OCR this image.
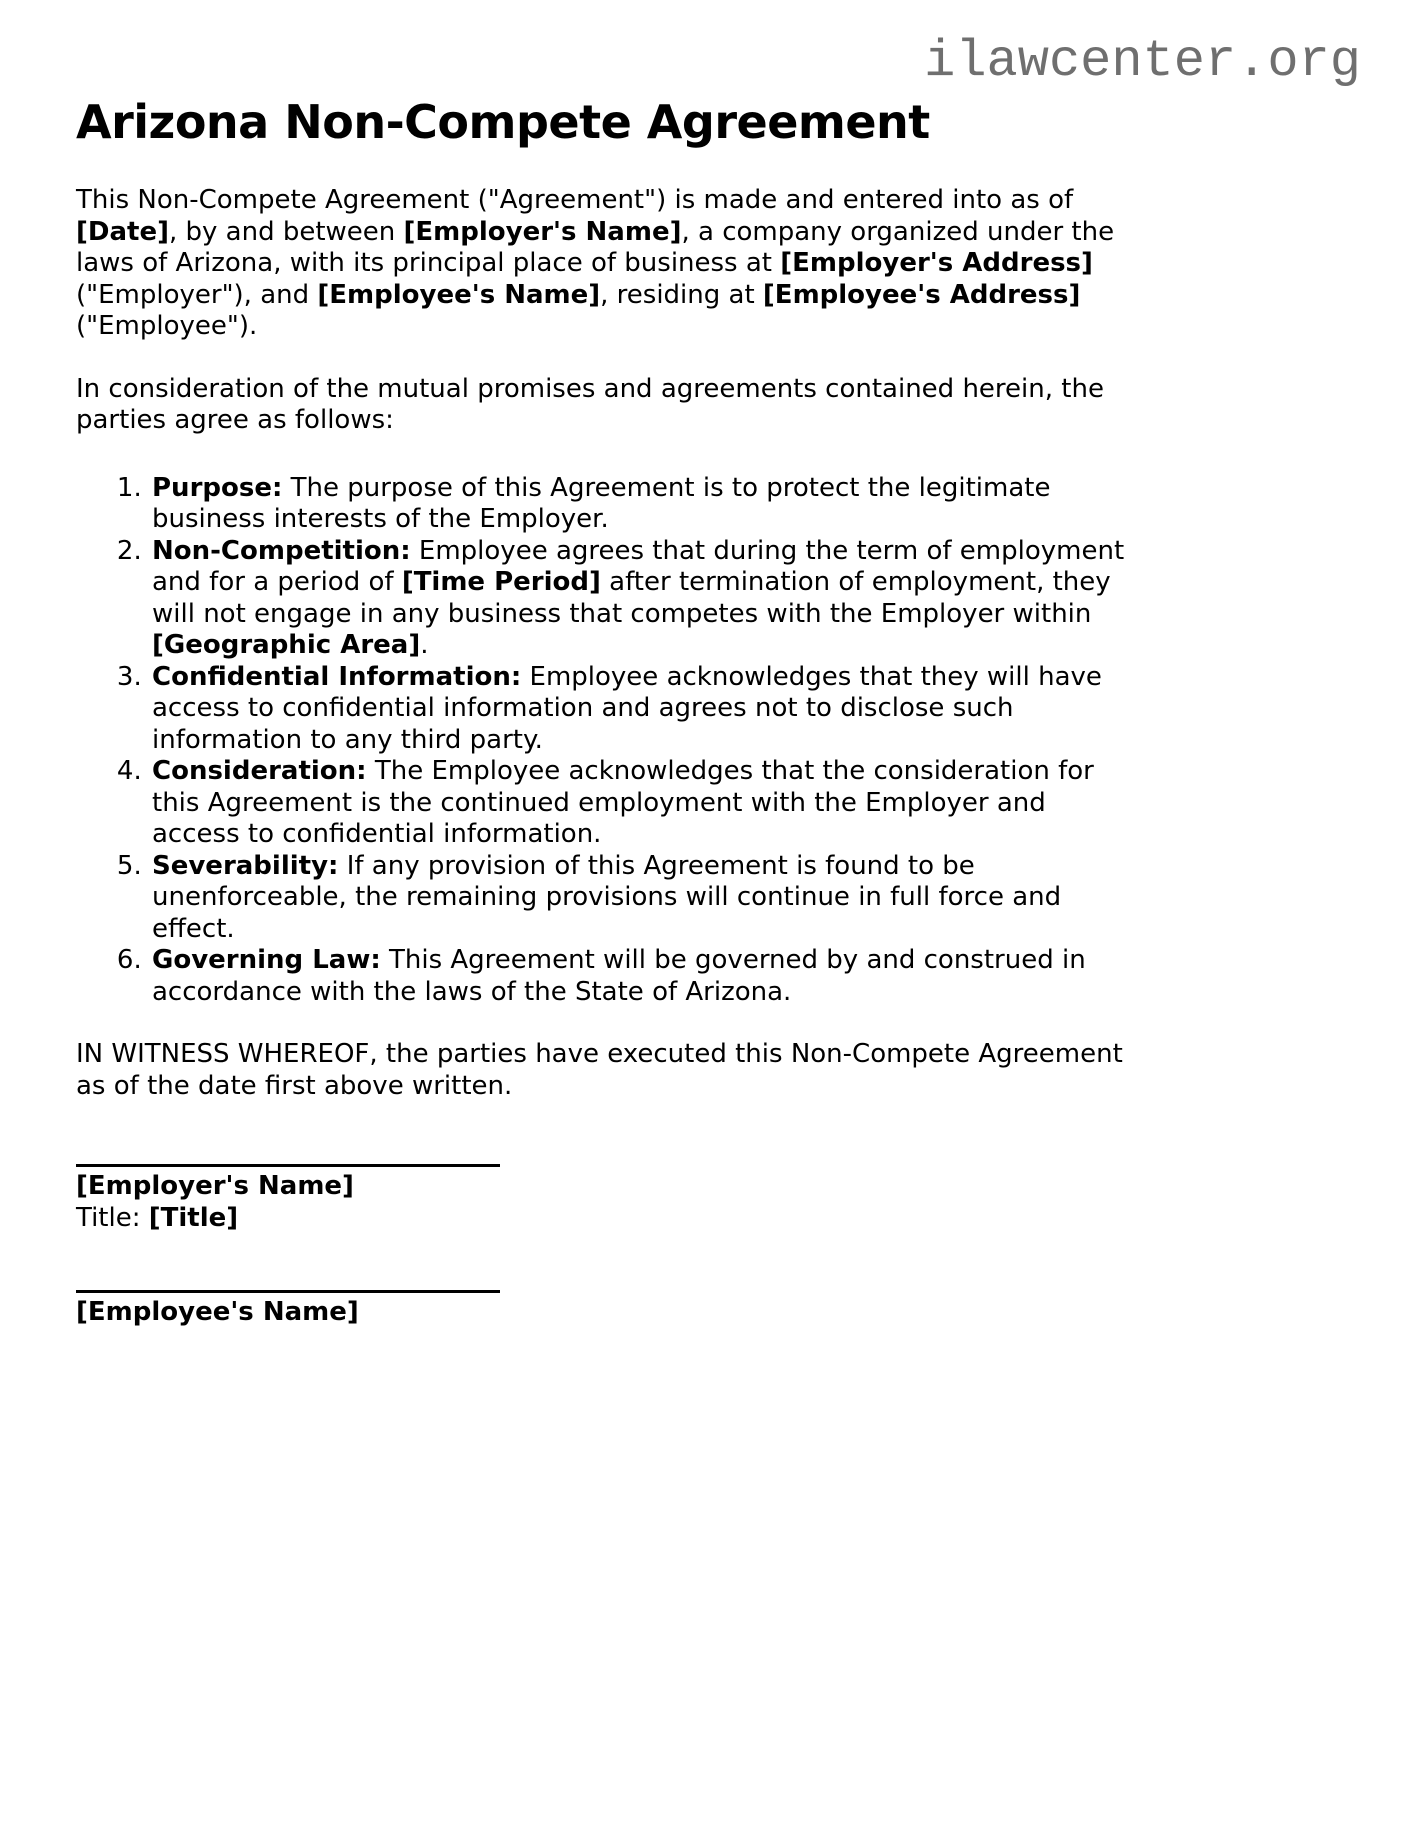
ilawcenter.org
Arizona Non-Compete Agreement

This Non-Compete Agreement ("Agreement") is made and entered into as of [Date], by and between [Employer's Name], a company organized under the laws of Arizona, with its principal place of business at [Employer's Address] ("Employer"), and [Employee's Name], residing at [Employee's Address] ("Employee").

In consideration of the mutual promises and agreements contained herein, the parties agree as follows:

1. Purpose: The purpose of this Agreement is to protect the legitimate business interests of the Employer.
2. Non-Competition: Employee agrees that during the term of employment and for a period of [Time Period] after termination of employment, they will not engage in any business that competes with the Employer within [Geographic Area].
3. Confidential Information: Employee acknowledges that they will have access to confidential information and agrees not to disclose such information to any third party.
4. Consideration: The Employee acknowledges that the consideration for this Agreement is the continued employment with the Employer and access to confidential information.
5. Severability: If any provision of this Agreement is found to be unenforceable, the remaining provisions will continue in full force and effect.
6. Governing Law: This Agreement will be governed by and construed in accordance with the laws of the State of Arizona.

IN WITNESS WHEREOF, the parties have executed this Non-Compete Agreement as of the date first above written.

[Employer's Name]
Title: [Title]
[Employee's Name]
